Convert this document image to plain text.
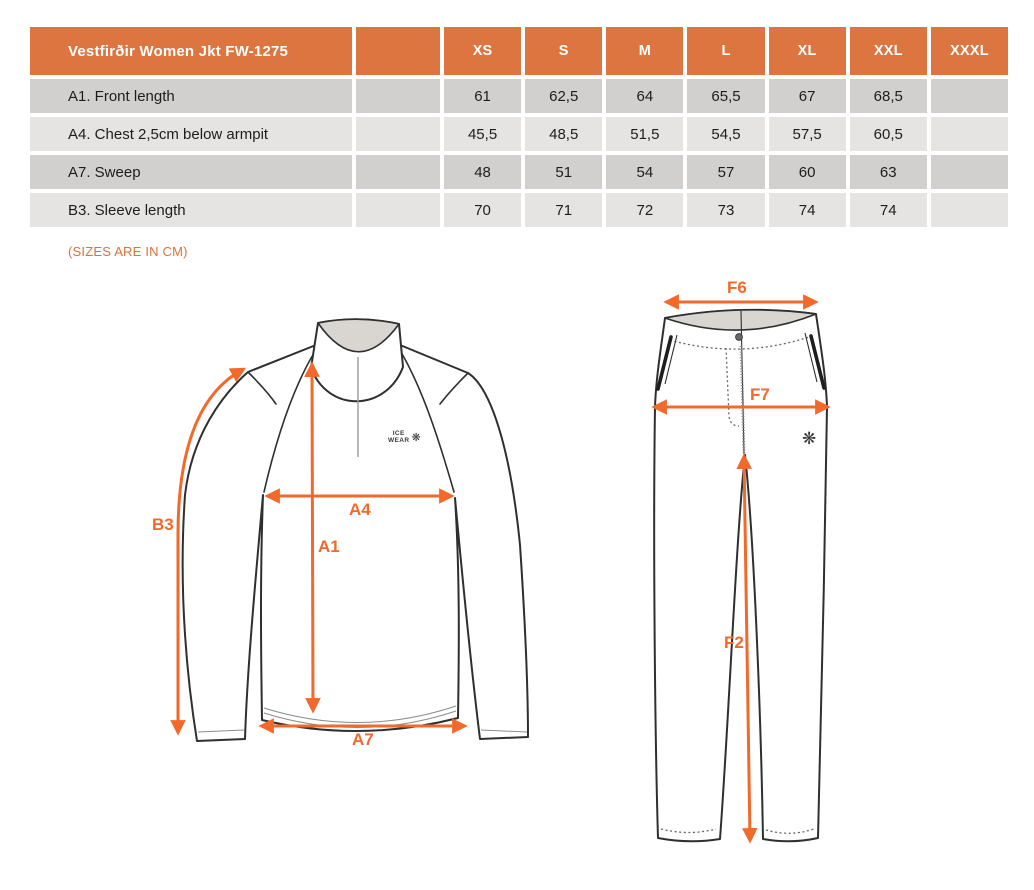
Vestfirðir Women Jkt FW-1275	XS	S	M	L	XL	XXL	XXXL
A1. Front length	61	62,5	64	65,5	67	68,5
A4. Chest 2,5cm below armpit	45,5	48,5	51,5	54,5	57,5	60,5
A7. Sweep	48	51	54	57	60	63
B3. Sleeve length	70	71	72	73	74	74
(SIZES ARE IN CM)
B3
A1
A4
A7
ICE
WEAR ❋
F6
F7
F2
❋
